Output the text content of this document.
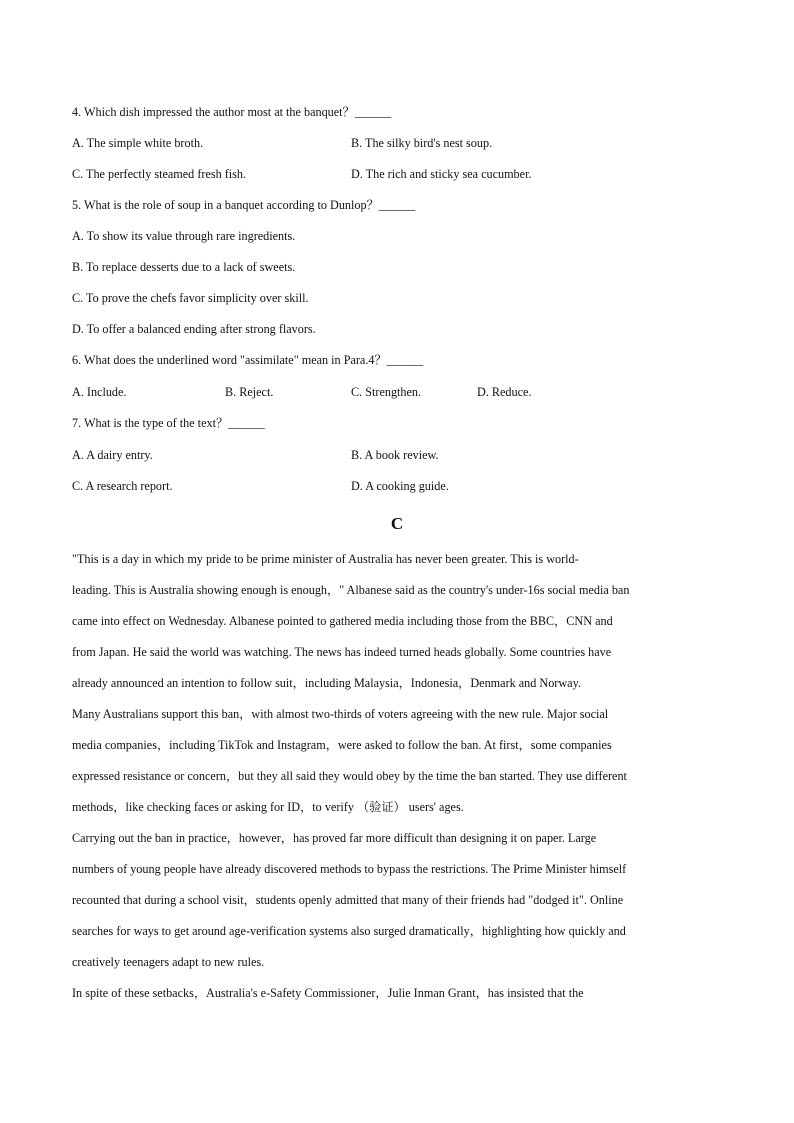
4. Which dish impressed the author most at the banquet？______
A. The simple white broth.	B. The silky bird's nest soup.
C. The perfectly steamed fresh fish.	D. The rich and sticky sea cucumber.
5. What is the role of soup in a banquet according to Dunlop？______
A. To show its value through rare ingredients.
B. To replace desserts due to a lack of sweets.
C. To prove the chefs favor simplicity over skill.
D. To offer a balanced ending after strong flavors.
6. What does the underlined word "assimilate" mean in Para.4？______
A. Include.	B. Reject.	C. Strengthen.	D. Reduce.
7. What is the type of the text？______
A. A dairy entry.	B. A book review.
C. A research report.	D. A cooking guide.
C
"This is a day in which my pride to be prime minister of Australia has never been greater. This is world-
leading. This is Australia showing enough is enough，" Albanese said as the country's under-16s social media ban
came into effect on Wednesday. Albanese pointed to gathered media including those from the BBC，CNN and
from Japan. He said the world was watching. The news has indeed turned heads globally. Some countries have
already announced an intention to follow suit，including Malaysia，Indonesia，Denmark and Norway.
Many Australians support this ban，with almost two-thirds of voters agreeing with the new rule. Major social
media companies，including TikTok and Instagram，were asked to follow the ban. At first，some companies
expressed resistance or concern，but they all said they would obey by the time the ban started. They use different
methods，like checking faces or asking for ID，to verify （验证） users' ages.
Carrying out the ban in practice，however，has proved far more difficult than designing it on paper. Large
numbers of young people have already discovered methods to bypass the restrictions. The Prime Minister himself
recounted that during a school visit，students openly admitted that many of their friends had "dodged it". Online
searches for ways to get around age-verification systems also surged dramatically，highlighting how quickly and
creatively teenagers adapt to new rules.
In spite of these setbacks，Australia's e-Safety Commissioner，Julie Inman Grant，has insisted that the
